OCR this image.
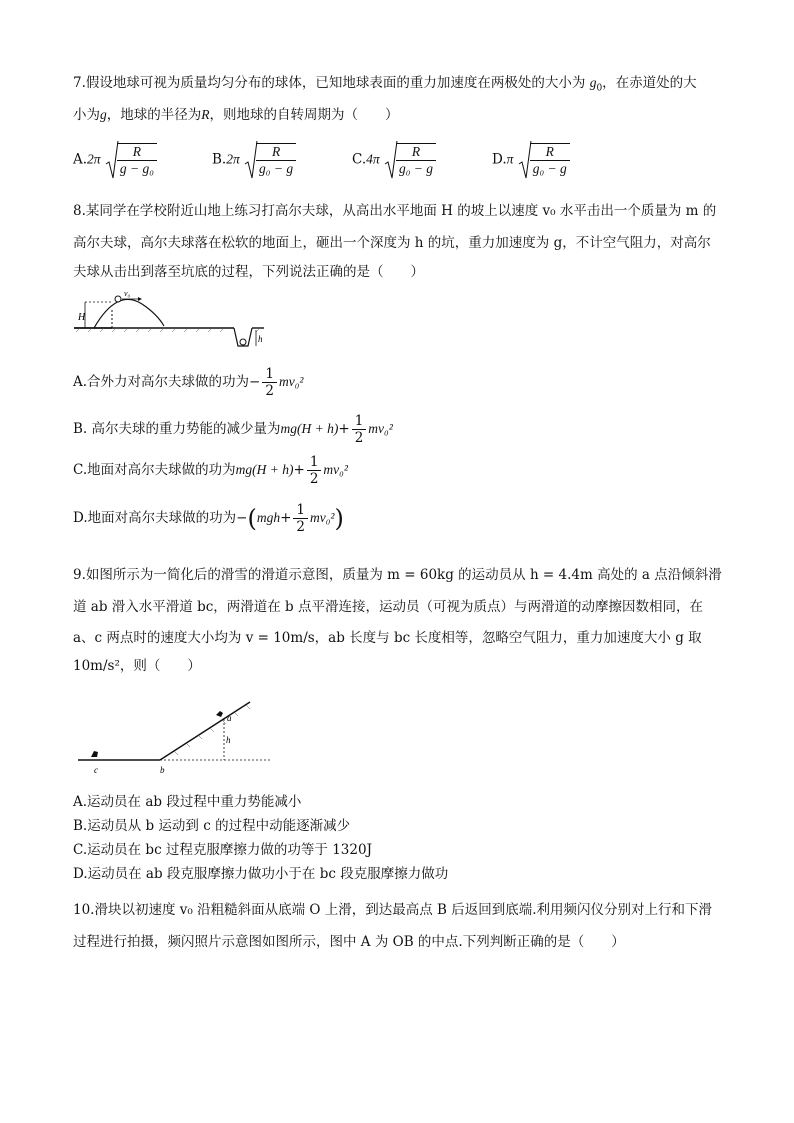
7.假设地球可视为质量均匀分布的球体，已知地球表面的重力加速度在两极处的大小为 $g_0$，在赤道处的大
小为g，地球的半径为R，则地球的自转周期为（　　）
$A.2\pi \frac{R}{\text{g − g₀}}$	$B.2\pi \frac{R}{\text{g₀ − g}}$	$C.4\pi \frac{R}{\text{g₀ − g}}$	$D.\pi \frac{R}{\text{g₀ − g}}$
8.某同学在学校附近山地上练习打高尔夫球，从高出水平地面 H 的坡上以速度 v₀ 水平击出一个质量为 m 的
高尔夫球，高尔夫球落在松软的地面上，砸出一个深度为 h 的坑，重力加速度为 g，不计空气阻力，对高尔
夫球从击出到落至坑底的过程，下列说法正确的是（　　）
H
v₀
h
A.合外力对高尔夫球做的功为− $\frac{1}{2} mv_0^2$
B. 高尔夫球的重力势能的减少量为$mg(H + h)+ \frac{1}{2} mv_0^2$
C.地面对高尔夫球做的功为$mg(H + h)+ \frac{1}{2} mv_0^2$
D.地面对高尔夫球做的功为$-(mgh+ \frac{1}{2} mv_0^2)$
9.如图所示为一简化后的滑雪的滑道示意图，质量为 m = 60kg 的运动员从 h = 4.4m 高处的 a 点沿倾斜滑
道 ab 滑入水平滑道 bc，两滑道在 b 点平滑连接，运动员（可视为质点）与两滑道的动摩擦因数相同，在
a、c 两点时的速度大小均为 v = 10m/s，ab 长度与 bc 长度相等，忽略空气阻力，重力加速度大小 g 取
10m/s²，则（　　）
h
a
b
c
A.运动员在 ab 段过程中重力势能减小
B.运动员从 b 运动到 c 的过程中动能逐渐减少
C.运动员在 bc 过程克服摩擦力做的功等于 1320J
D.运动员在 ab 段克服摩擦力做功小于在 bc 段克服摩擦力做功
10.滑块以初速度 v₀ 沿粗糙斜面从底端 O 上滑，到达最高点 B 后返回到底端.利用频闪仪分别对上行和下滑
过程进行拍摄，频闪照片示意图如图所示，图中 A 为 OB 的中点.下列判断正确的是（　　）
